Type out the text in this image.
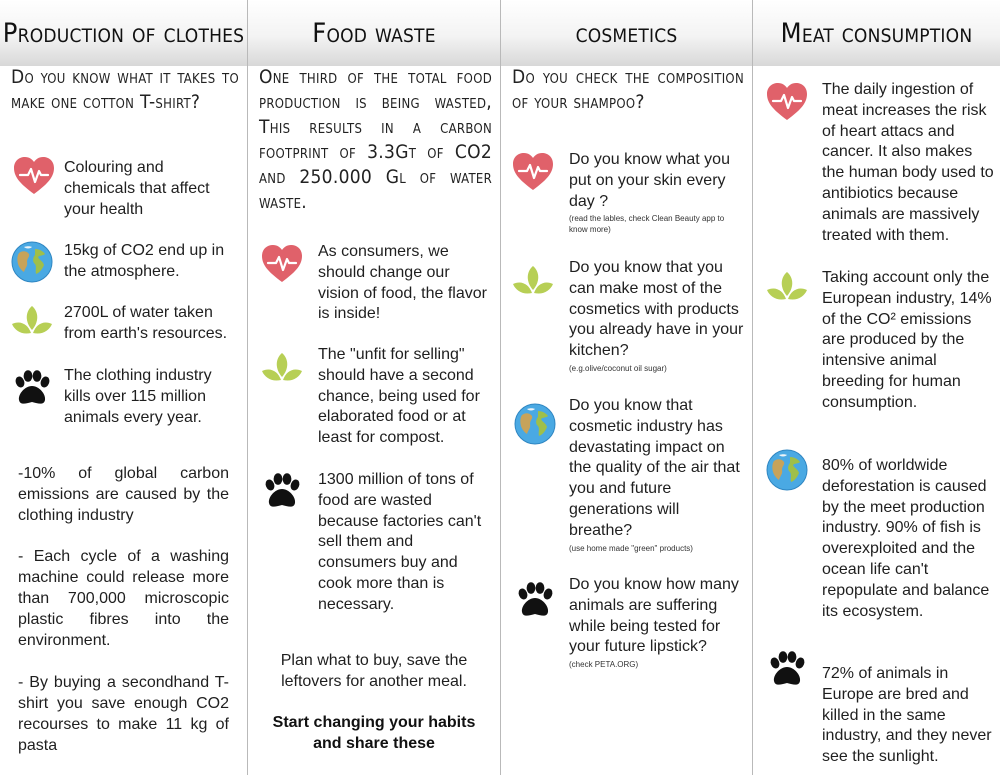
Production of clothes
Do you know what it takes to make one cotton T-shirt?
Colouring and chemicals that affect your health
15kg of CO2 end up in the atmosphere.
2700L of water taken from earth's resources.
The clothing industry kills over 115 million animals every year.
-10% of global carbon emissions are caused by the clothing industry
- Each cycle of a washing machine could release more than 700,000 microscopic plastic fibres into the environment.
- By buying a secondhand T-shirt you save enough CO2 recourses to make 11 kg of pasta
Food waste
One third of the total food production is being wasted, This results in a carbon footprint of 3.3Gt of CO2 and 250.000 Gl of water waste.
As consumers, we should change our vision of food, the flavor is inside!
The "unfit for selling" should have a second chance, being used for elaborated food or at least for compost.
1300 million of tons of food are wasted because factories can't sell them and consumers buy and cook more than is necessary.
Plan what to buy, save the leftovers for another meal.
Start changing your habits and share these
cosmetics
Do you check the composition of your shampoo?
Do you know what you put on your skin every day ?
(read the lables, check Clean Beauty app to know more)
Do you know that you can make most of the cosmetics with products you already have in your kitchen?
(e.g.olive/coconut oil sugar)
Do you know that cosmetic industry has devastating impact on the quality of the air that you and future generations will breathe?
(use home made "green" products)
Do you know how many animals are suffering while being tested for your future lipstick?
(check PETA.ORG)
Meat consumption
The daily ingestion of meat increases the risk of heart attacs and cancer. It also makes the human body used to antibiotics because animals are massively treated with them.
Taking account only the European industry, 14% of the CO² emissions are produced by the intensive animal breeding for human consumption.
80% of worldwide deforestation is caused by the meet production industry. 90% of fish is overexploited and the ocean life can't repopulate and balance its ecosystem.
72% of animals in Europe are bred and killed in the same industry, and they never see the sunlight.
